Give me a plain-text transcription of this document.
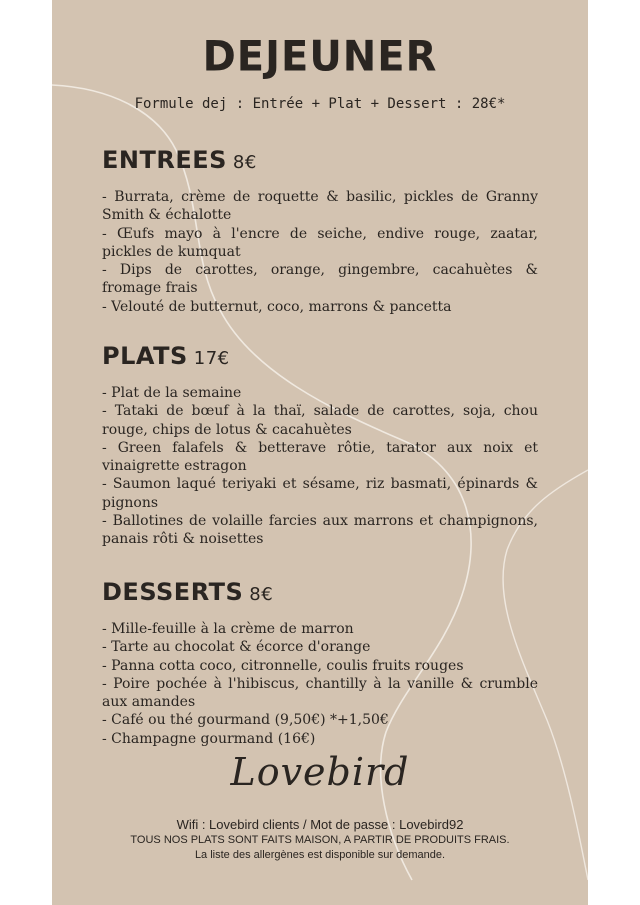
DEJEUNER
Formule dej : Entrée + Plat + Dessert : 28€*
ENTREES 8€
- Burrata, crème de roquette & basilic, pickles de Granny Smith & échalotte
- Œufs mayo à l'encre de seiche, endive rouge, zaatar, pickles de kumquat
- Dips de carottes, orange, gingembre, cacahuètes & fromage frais
- Velouté de butternut, coco, marrons & pancetta
PLATS 17€
- Plat de la semaine
- Tataki de bœuf à la thaï, salade de carottes, soja, chou rouge, chips de lotus & cacahuètes
- Green falafels & betterave rôtie, tarator aux noix et vinaigrette estragon
- Saumon laqué teriyaki et sésame, riz basmati, épinards & pignons
- Ballotines de volaille farcies aux marrons et champignons, panais rôti & noisettes
DESSERTS 8€
- Mille-feuille à la crème de marron
- Tarte au chocolat & écorce d'orange
- Panna cotta coco, citronnelle, coulis fruits rouges
- Poire pochée à l'hibiscus, chantilly à la vanille & crumble aux amandes
- Café ou thé gourmand (9,50€) *+1,50€
- Champagne gourmand (16€)
Lovebird
Wifi : Lovebird clients / Mot de passe : Lovebird92
TOUS NOS PLATS SONT FAITS MAISON, A PARTIR DE PRODUITS FRAIS.
La liste des allergènes est disponible sur demande.
